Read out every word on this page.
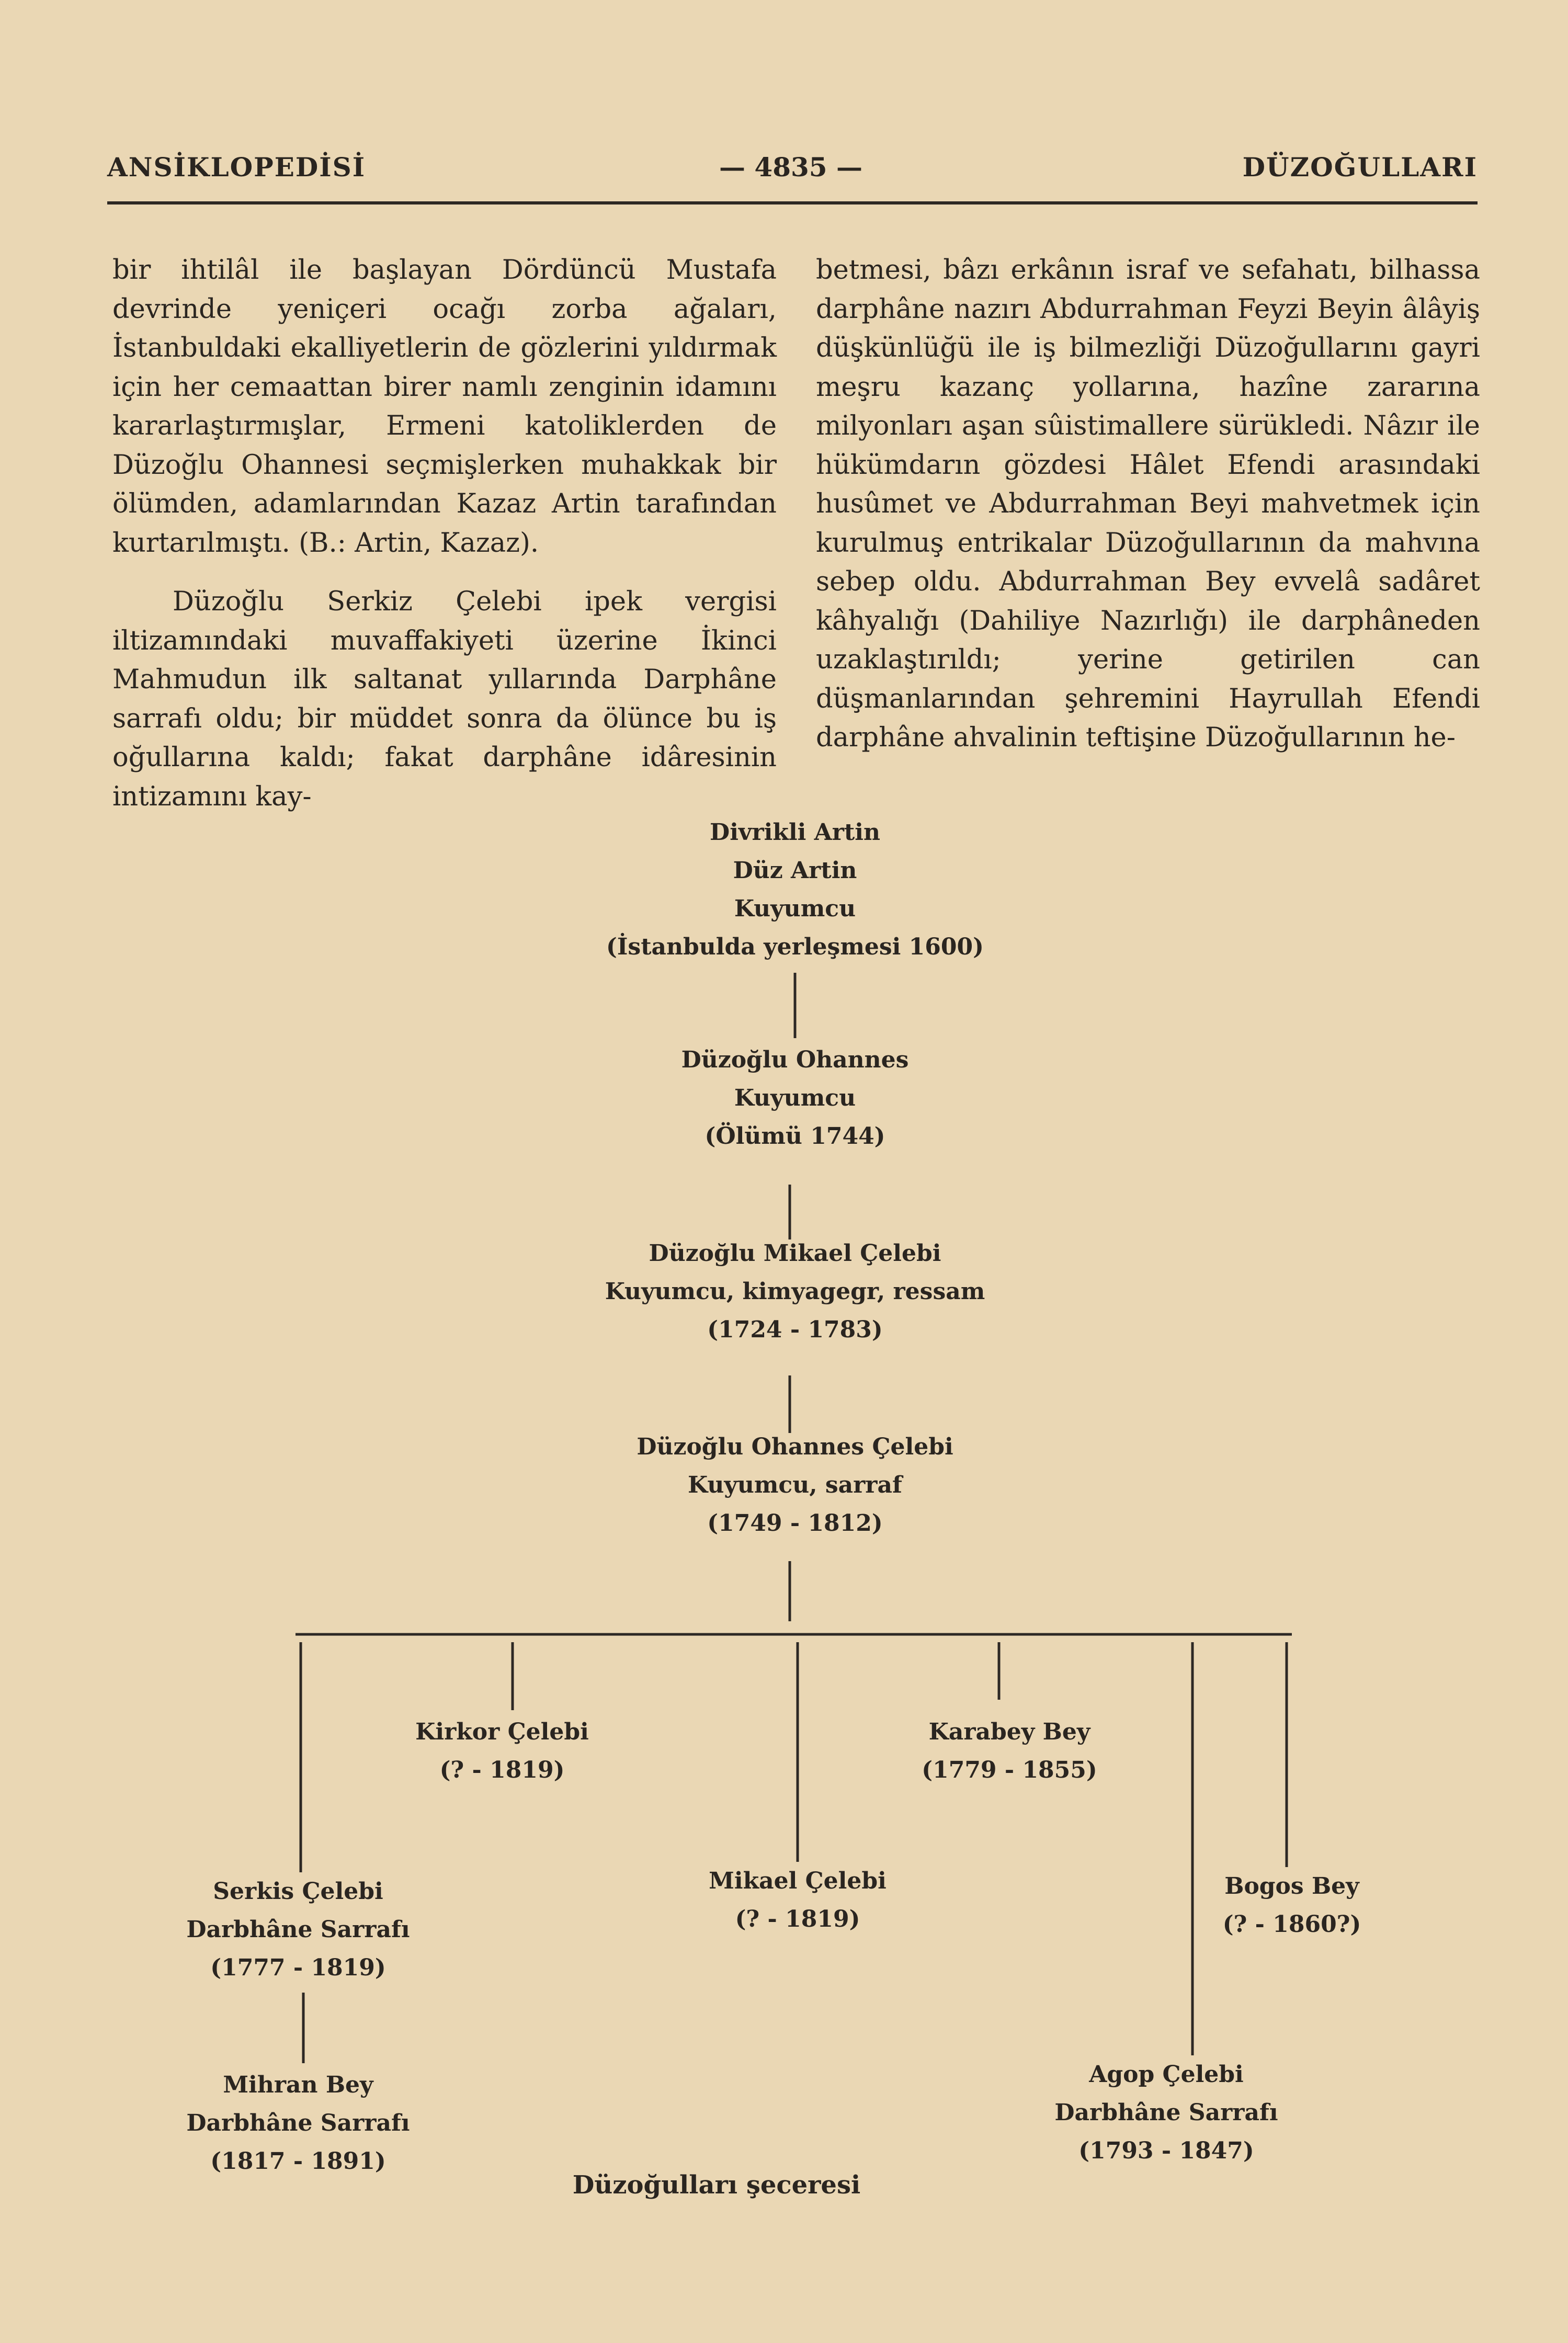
ANSİKLOPEDİSİ	— 4835 —	DÜZOĞULLARI

bir ihtilâl ile başlayan Dördüncü Mustafa devrinde yeniçeri ocağı zorba ağaları, İstanbuldaki ekalliyetlerin de gözlerini yıldırmak için her cemaattan birer namlı zenginin idamını kararlaştırmışlar, Ermeni katoliklerden de Düzoğlu Ohannesi seçmişlerken muhakkak bir ölümden, adamlarından Kazaz Artin tarafından kurtarılmıştı. (B.: Artin, Kazaz).

Düzoğlu Serkiz Çelebi ipek vergisi iltizamındaki muvaffakiyeti üzerine İkinci Mahmudun ilk saltanat yıllarında Darphâne sarrafı oldu; bir müddet sonra da ölünce bu iş oğullarına kaldı; fakat darphâne idâresinin intizamını kay-

betmesi, bâzı erkânın israf ve sefahatı, bilhassa darphâne nazırı Abdurrahman Feyzi Beyin âlâyiş düşkünlüğü ile iş bilmezliği Düzoğullarını gayri meşru kazanç yollarına, hazîne zararına milyonları aşan sûistimallere sürükledi. Nâzır ile hükümdarın gözdesi Hâlet Efendi arasındaki husûmet ve Abdurrahman Beyi mahvetmek için kurulmuş entrikalar Düzoğullarının da mahvına sebep oldu. Abdurrahman Bey evvelâ sadâret kâhyalığı (Dahiliye Nazırlığı) ile darphâneden uzaklaştırıldı; yerine getirilen can düşmanlarından şehremini Hayrullah Efendi darphâne ahvalinin teftişine Düzoğullarının he-

Divrikli Artin
Düz Artin
Kuyumcu
(İstanbulda yerleşmesi 1600)
Düzoğlu Ohannes
Kuyumcu
(Ölümü 1744)
Düzoğlu Mikael Çelebi
Kuyumcu, kimyagegr, ressam
(1724 - 1783)
Düzoğlu Ohannes Çelebi
Kuyumcu, sarraf
(1749 - 1812)
Kirkor Çelebi
(? - 1819)
Karabey Bey
(1779 - 1855)
Serkis Çelebi
Darbhâne Sarrafı
(1777 - 1819)
Mikael Çelebi
(? - 1819)
Bogos Bey
(? - 1860?)
Mihran Bey
Darbhâne Sarrafı
(1817 - 1891)
Agop Çelebi
Darbhâne Sarrafı
(1793 - 1847)
Düzoğulları şeceresi
